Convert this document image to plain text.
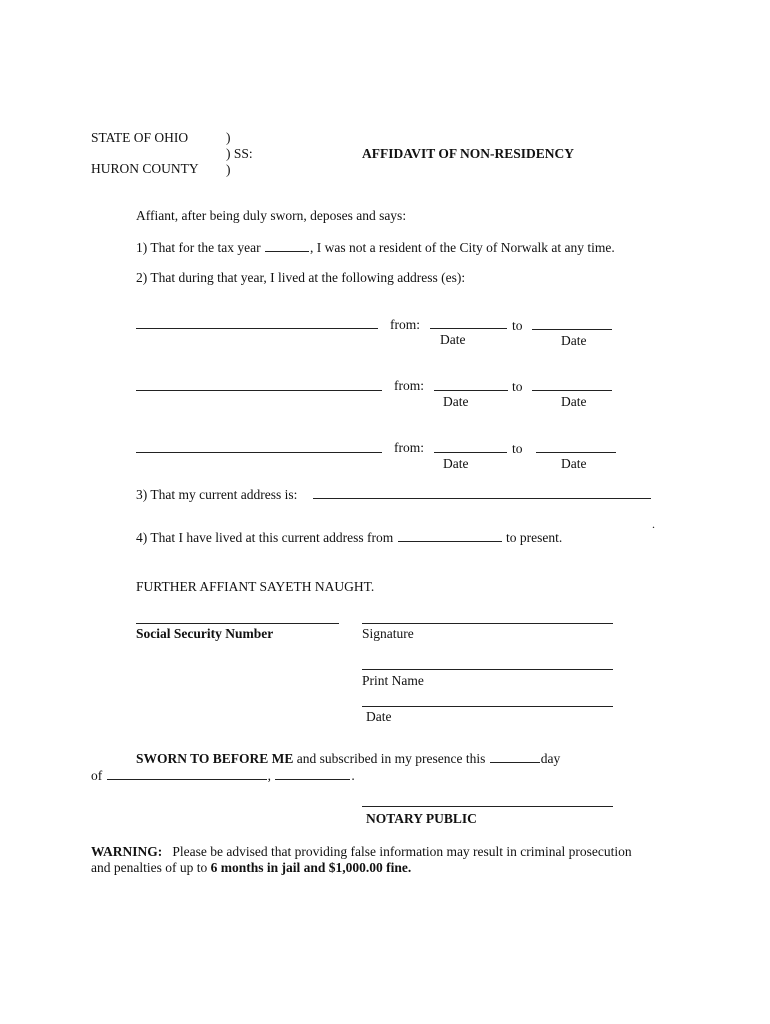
STATE OF OHIO	)
) SS:	AFFIDAVIT OF NON-RESIDENCY
HURON COUNTY )
Affiant, after being duly sworn, deposes and says:
1) That for the tax year	, I was not a resident of the City of Norwalk at any time.
2) That during that year, I lived at the following address (es):
from:	to
Date	Date
from:	to
Date	Date
from:	to
Date	Date
3) That my current address is:
.
4) That I have lived at this current address from	to present.
FURTHER AFFIANT SAYETH NAUGHT.
Social Security Number	Signature
Print Name
Date
SWORN TO BEFORE ME and subscribed in my presence this	day
of	,	.
NOTARY PUBLIC
WARNING: Please be advised that providing false information may result in criminal prosecution
and penalties of up to 6 months in jail and $1,000.00 fine.
